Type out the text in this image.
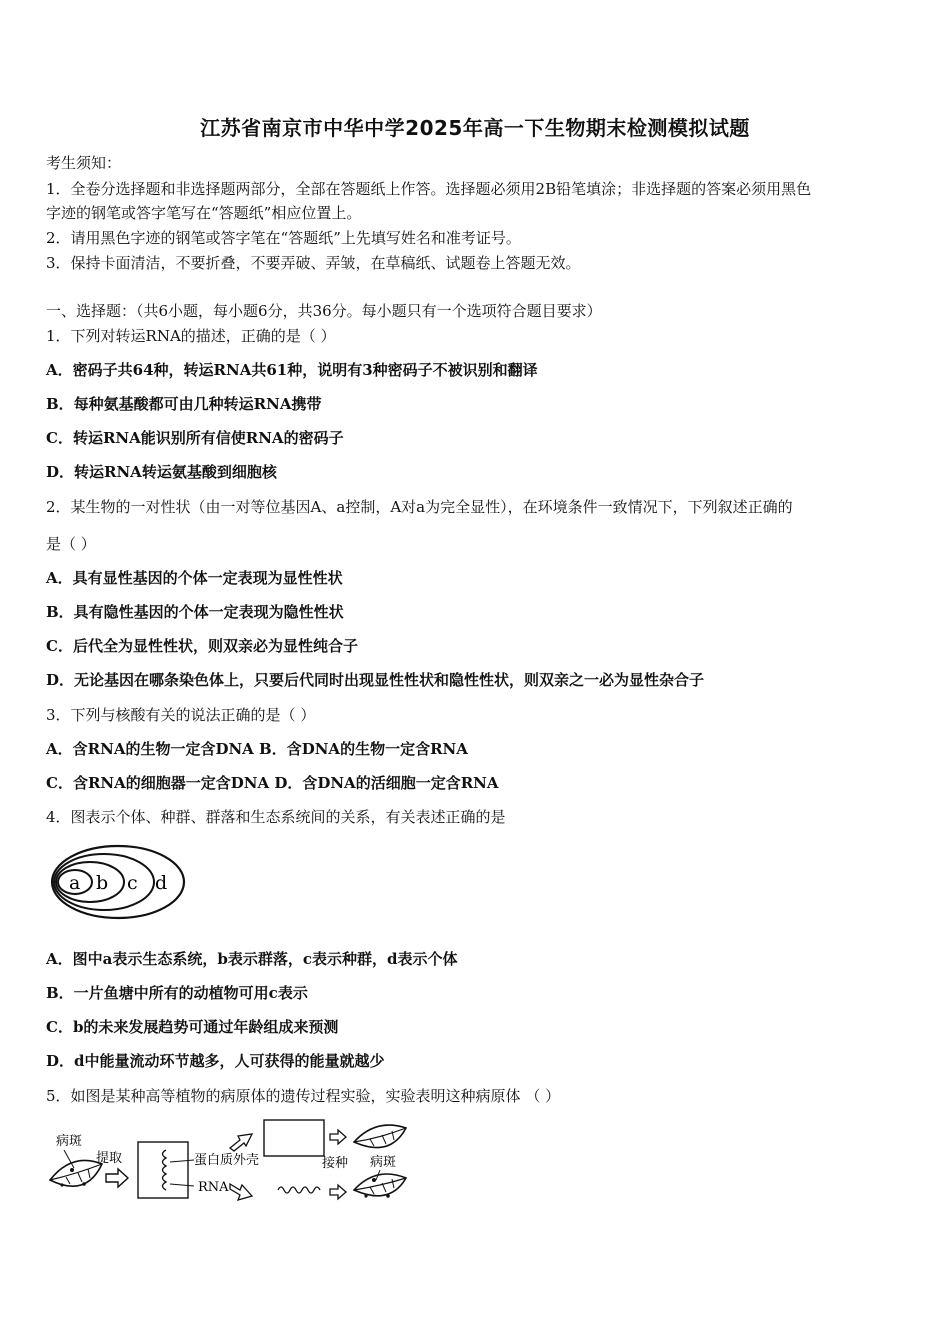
江苏省南京市中华中学2025年高一下生物期末检测模拟试题
考生须知：
1．全卷分选择题和非选择题两部分，全部在答题纸上作答。选择题必须用2B铅笔填涂；非选择题的答案必须用黑色
字迹的钢笔或答字笔写在“答题纸”相应位置上。
2．请用黑色字迹的钢笔或答字笔在“答题纸”上先填写姓名和准考证号。
3．保持卡面清洁，不要折叠，不要弄破、弄皱，在草稿纸、试题卷上答题无效。
一、选择题：（共6小题，每小题6分，共36分。每小题只有一个选项符合题目要求）
1．下列对转运RNA的描述，正确的是（ ）
A．密码子共64种，转运RNA共61种，说明有3种密码子不被识别和翻译
B．每种氨基酸都可由几种转运RNA携带
C．转运RNA能识别所有信使RNA的密码子
D．转运RNA转运氨基酸到细胞核
2．某生物的一对性状（由一对等位基因A、a控制，A对a为完全显性），在环境条件一致情况下，下列叙述正确的
是（ ）
A．具有显性基因的个体一定表现为显性性状
B．具有隐性基因的个体一定表现为隐性性状
C．后代全为显性性状，则双亲必为显性纯合子
D．无论基因在哪条染色体上，只要后代同时出现显性性状和隐性性状，则双亲之一必为显性杂合子
3．下列与核酸有关的说法正确的是（ ）
A．含RNA的生物一定含DNA B．含DNA的生物一定含RNA
C．含RNA的细胞器一定含DNA D．含DNA的活细胞一定含RNA
4．图表示个体、种群、群落和生态系统间的关系，有关表述正确的是
a b c d
A．图中a表示生态系统，b表示群落，c表示种群，d表示个体
B．一片鱼塘中所有的动植物可用c表示
C．b的未来发展趋势可通过年龄组成来预测
D．d中能量流动环节越多，人可获得的能量就越少
5．如图是某种高等植物的病原体的遗传过程实验，实验表明这种病原体 （ ）
病斑
提取	蛋白质外壳
RNA
接种 病斑
